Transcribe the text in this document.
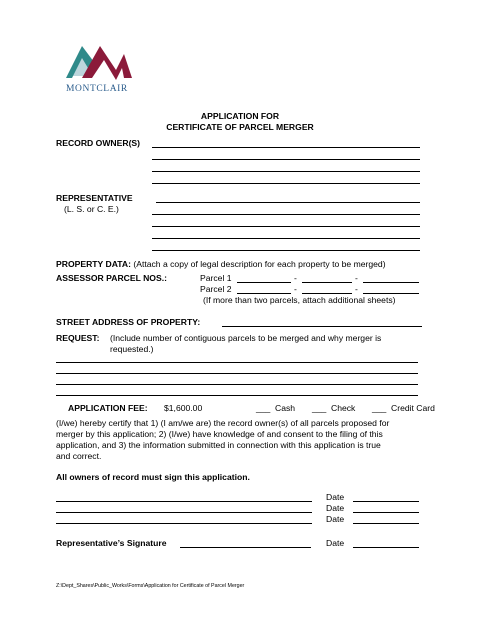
MONTCLAIR
APPLICATION FOR
CERTIFICATE OF PARCEL MERGER
RECORD OWNER(S)
REPRESENTATIVE
(L. S. or C. E.)
PROPERTY DATA: (Attach a copy of legal description for each property to be merged)
ASSESSOR PARCEL NOS.:	Parcel 1	-	-
Parcel 2	-	-
(If more than two parcels, attach additional sheets)
STREET ADDRESS OF PROPERTY:
REQUEST: (Include number of contiguous parcels to be merged and why merger is
requested.)
APPLICATION FEE: $1,600.00	___ Cash ___ Check ___ Credit Card
(I/we) hereby certify that 1) (I am/we are) the record owner(s) of all parcels proposed for
merger by this application; 2) (I/we) have knowledge of and consent to the filing of this
application, and 3) the information submitted in connection with this application is true
and correct.
All owners of record must sign this application.
Date
Date
Date
Representative’s Signature	Date
Z:\Dept_Shares\Public_Works\Forms\Application for Certificate of Parcel Merger
